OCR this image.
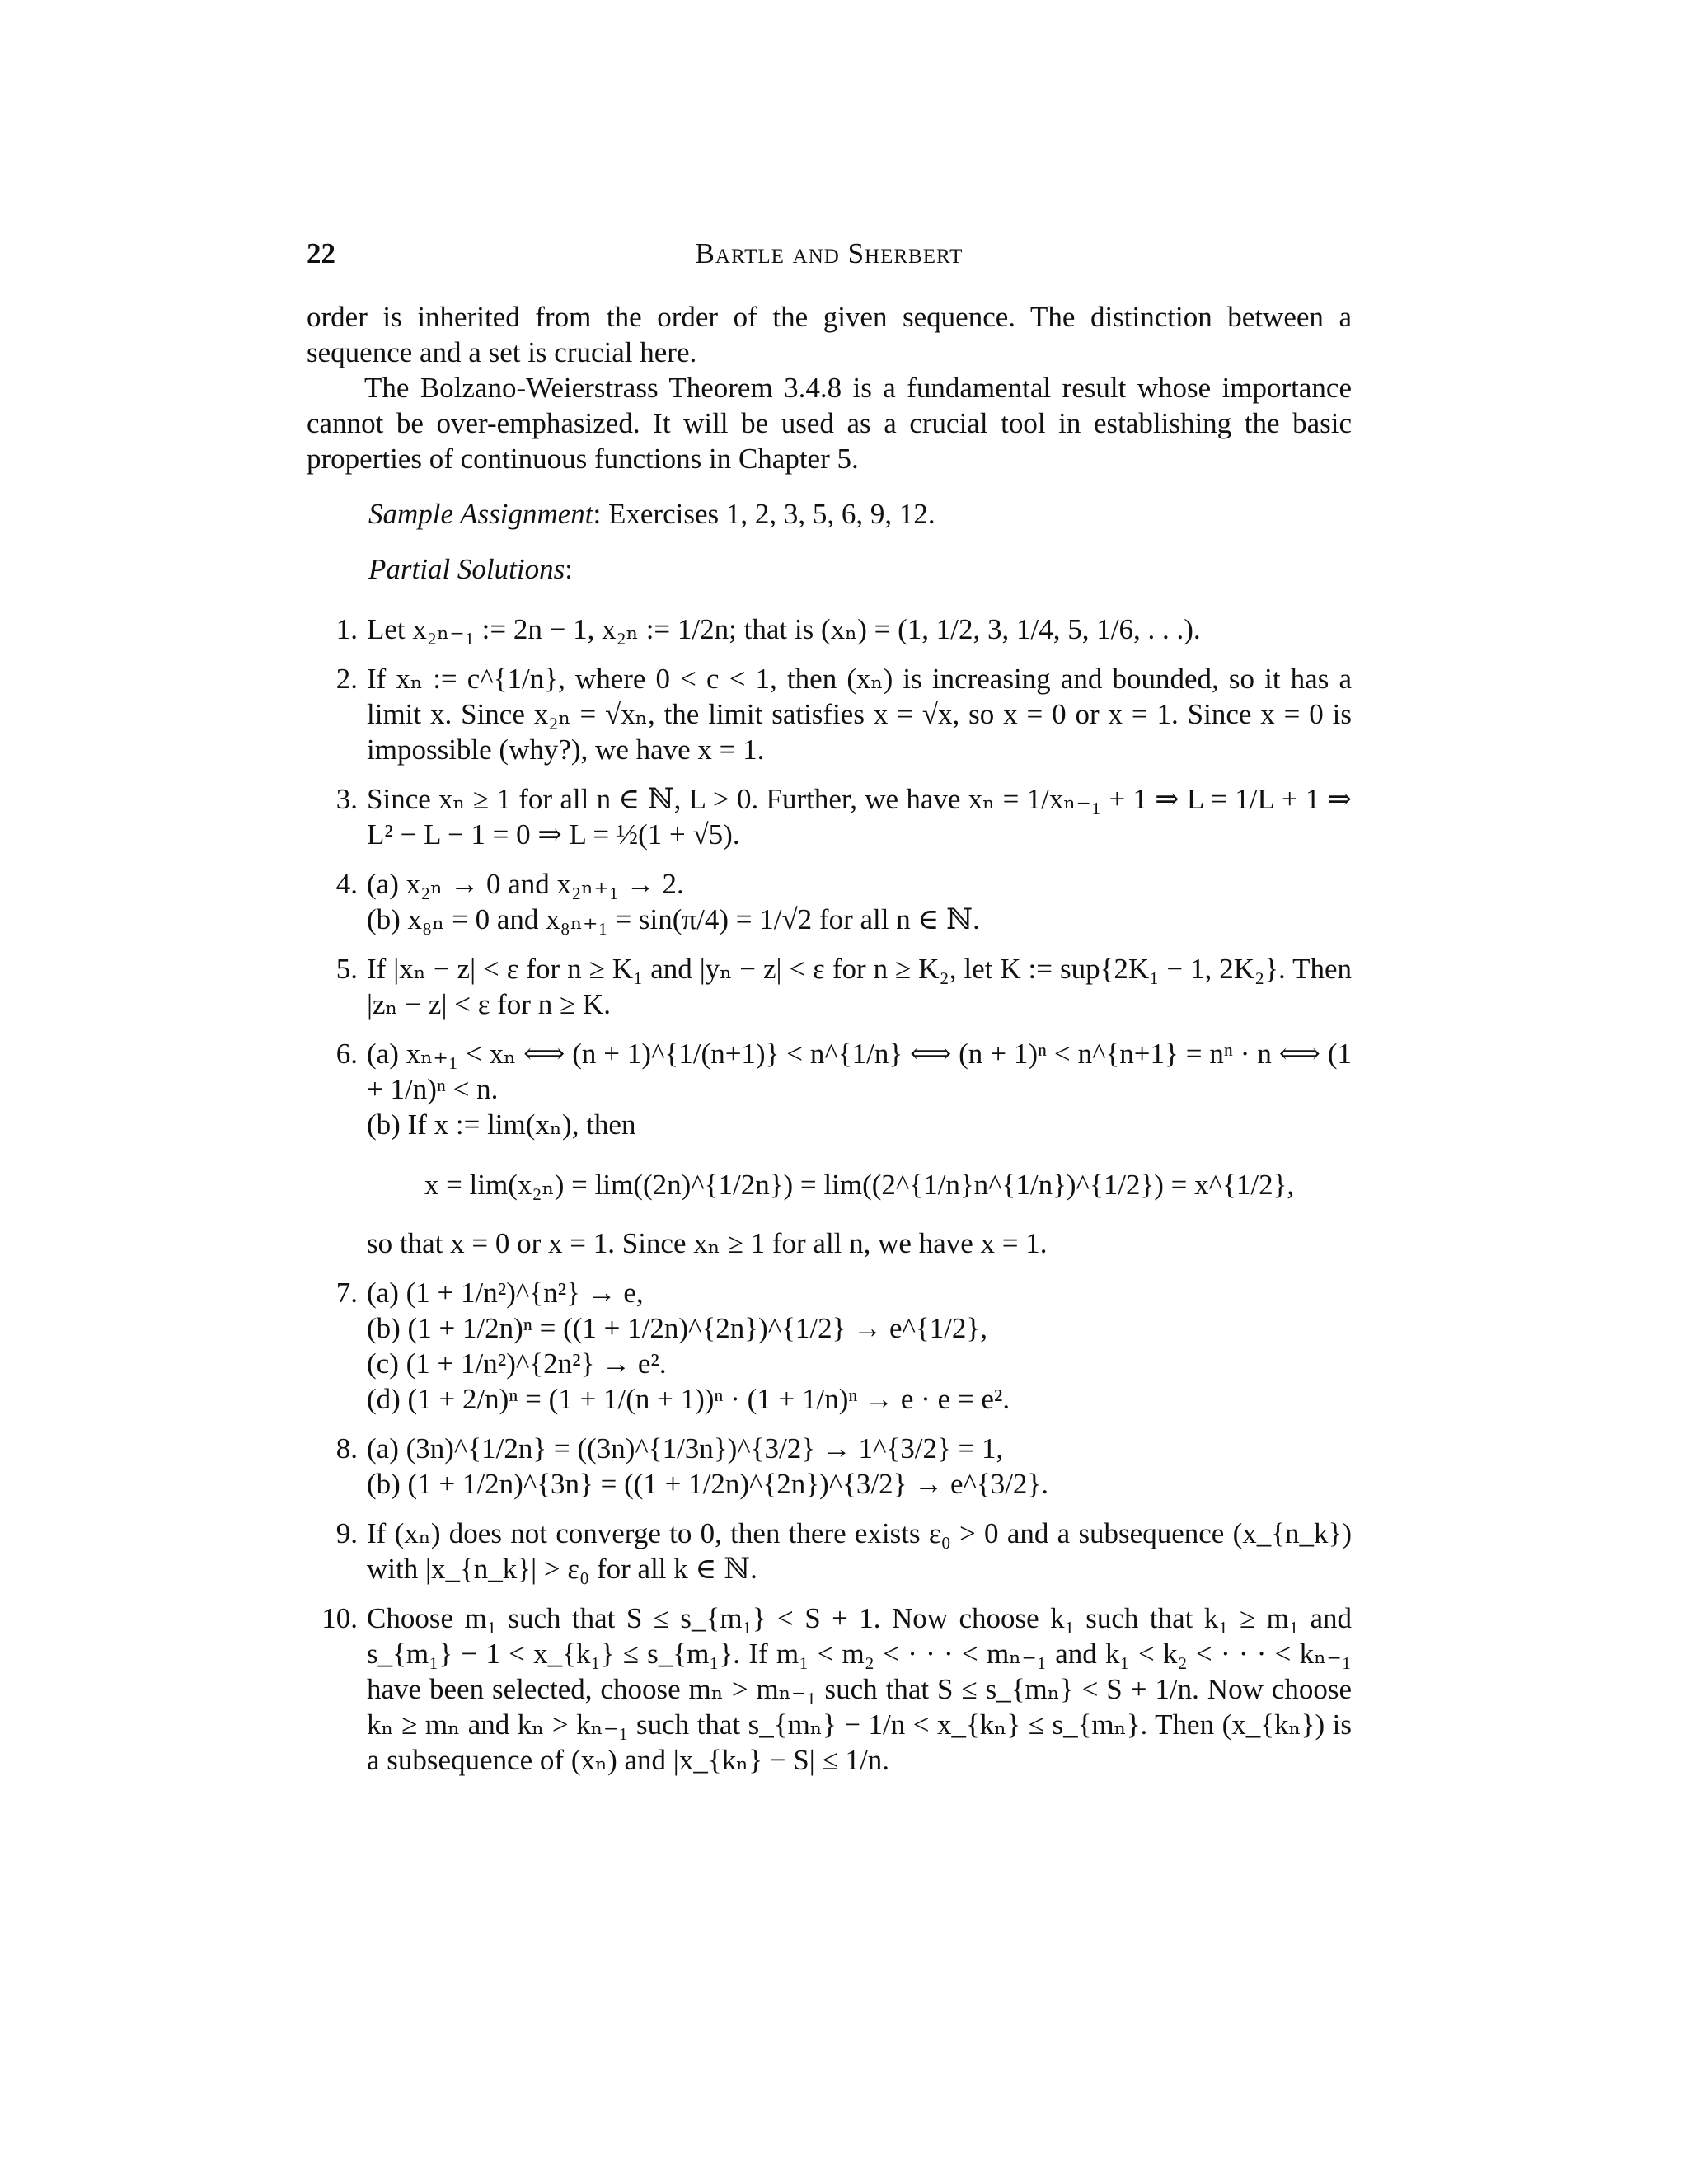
22	Bartle and Sherbert

order is inherited from the order of the given sequence. The distinction between a sequence and a set is crucial here.

The Bolzano-Weierstrass Theorem 3.4.8 is a fundamental result whose importance cannot be over-emphasized. It will be used as a crucial tool in establishing the basic properties of continuous functions in Chapter 5.

Sample Assignment: Exercises 1, 2, 3, 5, 6, 9, 12.

Partial Solutions:

1. Let x₂ₙ₋₁ := 2n − 1, x₂ₙ := 1/2n; that is (xₙ) = (1, 1/2, 3, 1/4, 5, 1/6, . . .).
2. If xₙ := c^{1/n}, where 0 < c < 1, then (xₙ) is increasing and bounded, so it has a limit x. Since x₂ₙ = √xₙ, the limit satisfies x = √x, so x = 0 or x = 1. Since x = 0 is impossible (why?), we have x = 1.
3. Since xₙ ≥ 1 for all n ∈ ℕ, L > 0. Further, we have xₙ = 1/xₙ₋₁ + 1 ⇒ L = 1/L + 1 ⇒ L² − L − 1 = 0 ⇒ L = ½(1 + √5).
4. (a) x₂ₙ → 0 and x₂ₙ₊₁ → 2.
(b) x₈ₙ = 0 and x₈ₙ₊₁ = sin(π/4) = 1/√2 for all n ∈ ℕ.
5. If |xₙ − z| < ε for n ≥ K₁ and |yₙ − z| < ε for n ≥ K₂, let K := sup{2K₁ − 1, 2K₂}. Then |zₙ − z| < ε for n ≥ K.
6. (a) xₙ₊₁ < xₙ ⟺ (n + 1)^{1/(n+1)} < n^{1/n} ⟺ (n + 1)ⁿ < n^{n+1} = nⁿ · n ⟺ (1 + 1/n)ⁿ < n.
(b) If x := lim(xₙ), then
x = lim(x₂ₙ) = lim((2n)^{1/2n}) = lim((2^{1/n}n^{1/n})^{1/2}) = x^{1/2},
so that x = 0 or x = 1. Since xₙ ≥ 1 for all n, we have x = 1.
7. (a) (1 + 1/n²)^{n²} → e,
(b) (1 + 1/2n)ⁿ = ((1 + 1/2n)^{2n})^{1/2} → e^{1/2},
(c) (1 + 1/n²)^{2n²} → e².
(d) (1 + 2/n)ⁿ = (1 + 1/(n + 1))ⁿ · (1 + 1/n)ⁿ → e · e = e².
8. (a) (3n)^{1/2n} = ((3n)^{1/3n})^{3/2} → 1^{3/2} = 1,
(b) (1 + 1/2n)^{3n} = ((1 + 1/2n)^{2n})^{3/2} → e^{3/2}.
9. If (xₙ) does not converge to 0, then there exists ε₀ > 0 and a subsequence (x_{n_k}) with |x_{n_k}| > ε₀ for all k ∈ ℕ.
10. Choose m₁ such that S ≤ s_{m₁} < S + 1. Now choose k₁ such that k₁ ≥ m₁ and s_{m₁} − 1 < x_{k₁} ≤ s_{m₁}. If m₁ < m₂ < · · · < mₙ₋₁ and k₁ < k₂ < · · · < kₙ₋₁ have been selected, choose mₙ > mₙ₋₁ such that S ≤ s_{mₙ} < S + 1/n. Now choose kₙ ≥ mₙ and kₙ > kₙ₋₁ such that s_{mₙ} − 1/n < x_{kₙ} ≤ s_{mₙ}. Then (x_{kₙ}) is a subsequence of (xₙ) and |x_{kₙ} − S| ≤ 1/n.
